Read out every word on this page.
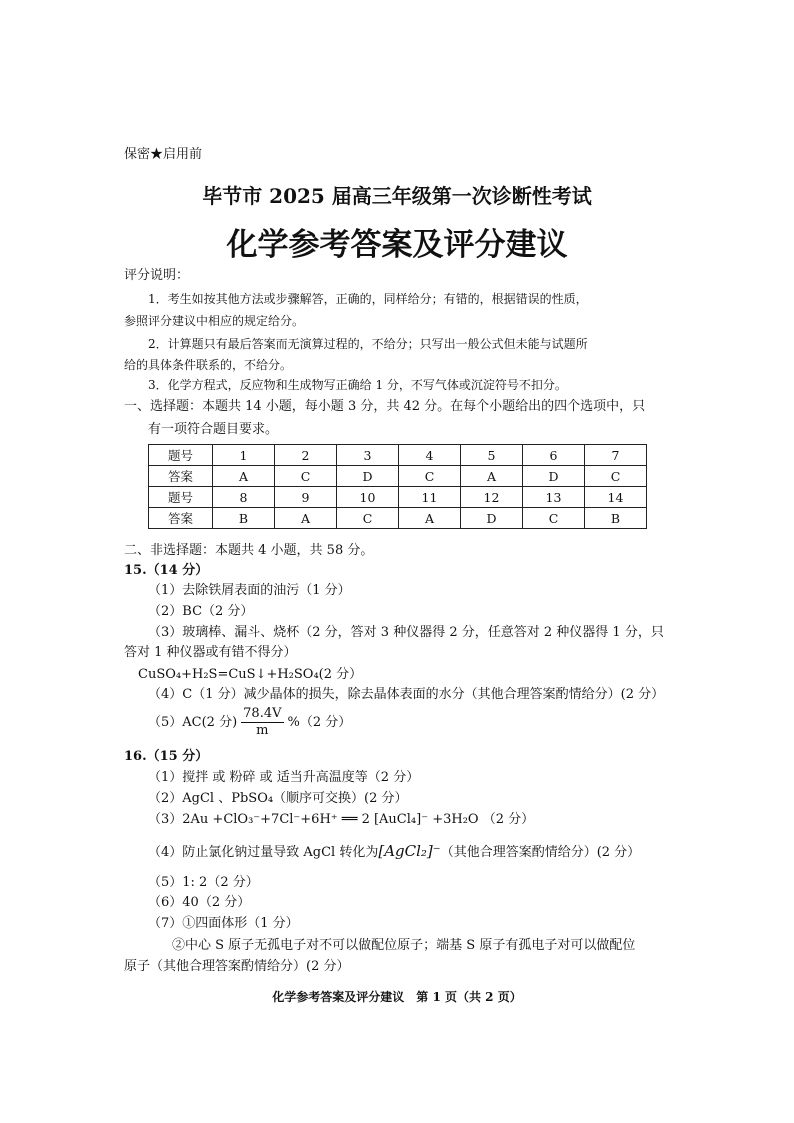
保密★启用前
毕节市 2025 届高三年级第一次诊断性考试
化学参考答案及评分建议
评分说明：
1．考生如按其他方法或步骤解答，正确的，同样给分；有错的，根据错误的性质，
参照评分建议中相应的规定给分。
2．计算题只有最后答案而无演算过程的，不给分；只写出一般公式但未能与试题所
给的具体条件联系的，不给分。
3．化学方程式，反应物和生成物写正确给 1 分，不写气体或沉淀符号不扣分。
一、选择题：本题共 14 小题，每小题 3 分，共 42 分。在每个小题给出的四个选项中，只
有一项符合题目要求。
题号	1	2	3	4	5	6	7
答案	A	C	D	C	A	D	C
题号	8	9	10	11	12	13	14
答案	B	A	C	A	D	C	B
二、非选择题：本题共 4 小题，共 58 分。
15.（14 分）
（1）去除铁屑表面的油污（1 分）
（2）BC（2 分）
（3）玻璃棒、漏斗、烧杯（2 分，答对 3 种仪器得 2 分，任意答对 2 种仪器得 1 分，只
答对 1 种仪器或有错不得分）
CuSO₄+H₂S=CuS↓+H₂SO₄(2 分）
（4）C（1 分）减少晶体的损失，除去晶体表面的水分（其他合理答案酌情给分）(2 分）
（5）AC(2 分) $\frac{78.4V}{m} \%(2$ 分）
16.（15 分）
（1）搅拌 或 粉碎 或 适当升高温度等（2 分）
（2）AgCl 、PbSO₄（顺序可交换）(2 分）
（3）2Au +ClO₃⁻+7Cl⁻+6H⁺ ══ 2 [AuCl₄]⁻ +3H₂O （2 分）
（4）防止氯化钠过量导致 AgCl 转化为[AgCl₂]⁻（其他合理答案酌情给分）(2 分）
（5）1: 2（2 分）
（6）40（2 分）
（7）①四面体形（1 分）
②中心 S 原子无孤电子对不可以做配位原子；端基 S 原子有孤电子对可以做配位
原子（其他合理答案酌情给分）(2 分）
化学参考答案及评分建议　第 1 页（共 2 页）
